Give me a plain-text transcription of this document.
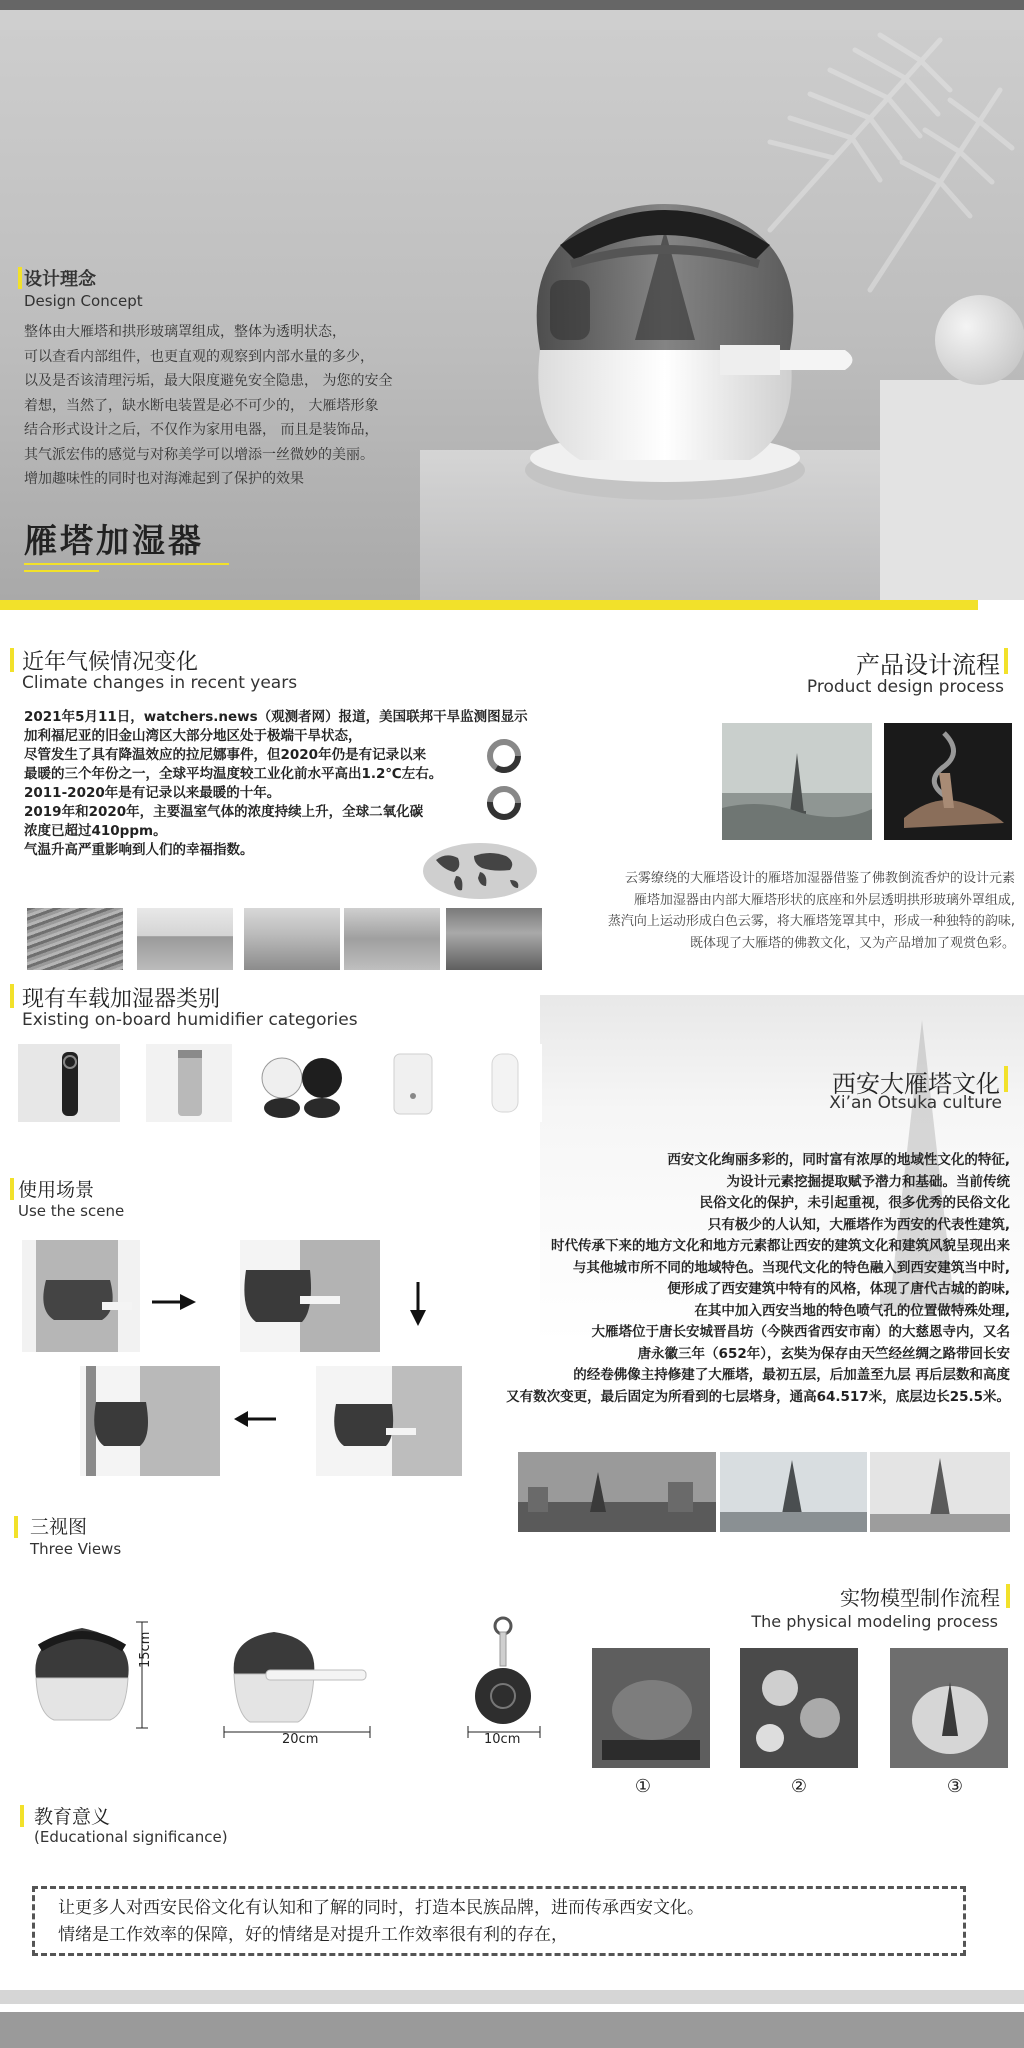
设计理念
Design Concept
整体由大雁塔和拱形玻璃罩组成，整体为透明状态，
可以查看内部组件，也更直观的观察到内部水量的多少，
以及是否该清理污垢，最大限度避免安全隐患， 为您的安全
着想，当然了，缺水断电装置是必不可少的， 大雁塔形象
结合形式设计之后，不仅作为家用电器， 而且是装饰品，
其气派宏伟的感觉与对称美学可以增添一丝微妙的美丽。
增加趣味性的同时也对海滩起到了保护的效果
雁塔加湿器
近年气候情况变化
Climate changes in recent years
2021年5月11日，watchers.news（观测者网）报道，美国联邦干旱监测图显示
加利福尼亚的旧金山湾区大部分地区处于极端干旱状态，
尽管发生了具有降温效应的拉尼娜事件，但2020年仍是有记录以来
最暖的三个年份之一，全球平均温度较工业化前水平高出1.2℃左右。
2011-2020年是有记录以来最暖的十年。
2019年和2020年，主要温室气体的浓度持续上升，全球二氧化碳
浓度已超过410ppm。
气温升高严重影响到人们的幸福指数。
产品设计流程
Product design process
云雾缭绕的大雁塔设计的雁塔加湿器借鉴了佛教倒流香炉的设计元素
雁塔加湿器由内部大雁塔形状的底座和外层透明拱形玻璃外罩组成,
蒸汽向上运动形成白色云雾，将大雁塔笼罩其中，形成一种独特的韵味,
既体现了大雁塔的佛教文化，又为产品增加了观赏色彩。
现有车载加湿器类别
Existing on-board humidifier categories
西安大雁塔文化
Xi’an Otsuka culture
西安文化绚丽多彩的，同时富有浓厚的地域性文化的特征,
为设计元素挖掘提取赋予潜力和基础。当前传统
民俗文化的保护，未引起重视，很多优秀的民俗文化
只有极少的人认知，大雁塔作为西安的代表性建筑,
时代传承下来的地方文化和地方元素都让西安的建筑文化和建筑风貌呈现出来
与其他城市所不同的地域特色。当现代文化的特色融入到西安建筑当中时,
便形成了西安建筑中特有的风格，体现了唐代古城的韵味,
在其中加入西安当地的特色喷气孔的位置做特殊处理,
大雁塔位于唐长安城晋昌坊（今陕西省西安市南）的大慈恩寺内，又名
唐永徽三年（652年），玄奘为保存由天竺经丝绸之路带回长安
的经卷佛像主持修建了大雁塔，最初五层，后加盖至九层 再后层数和高度
又有数次变更，最后固定为所看到的七层塔身，通高64.517米，底层边长25.5米。
使用场景
Use the scene
三视图
Three Views
15cm
20cm	10cm
实物模型制作流程
The physical modeling process
①	②	③
教育意义
(Educational significance)
让更多人对西安民俗文化有认知和了解的同时，打造本民族品牌，进而传承西安文化。
情绪是工作效率的保障，好的情绪是对提升工作效率很有利的存在，
